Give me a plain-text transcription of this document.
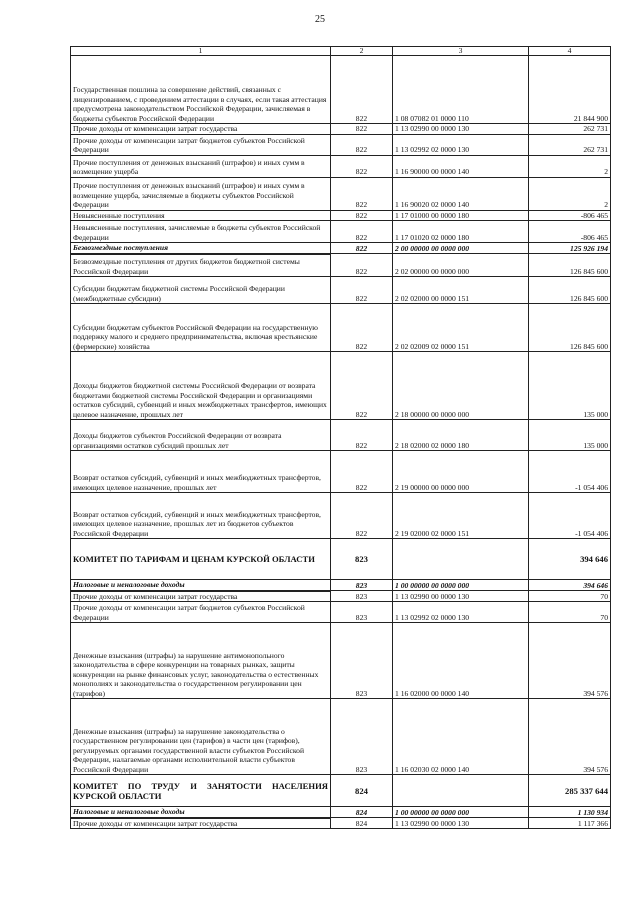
25
1	2	3	4
Государственная пошлина за совершение действий, связанных с лицензированием, с проведением аттестации в случаях, если такая аттестация предусмотрена законодательством Российской Федерации, зачисляемая в бюджеты субъектов Российской Федерации	822	1 08 07082 01 0000 110	21 844 900
Прочие доходы от компенсации затрат государства	822	1 13 02990 00 0000 130	262 731
Прочие доходы от компенсации затрат бюджетов субъектов Российской Федерации	822	1 13 02992 02 0000 130	262 731
Прочие поступления от денежных взысканий (штрафов) и иных сумм в возмещение ущерба	822	1 16 90000 00 0000 140	2
Прочие поступления от денежных взысканий (штрафов) и иных сумм в возмещение ущерба, зачисляемые в бюджеты субъектов Российской Федерации	822	1 16 90020 02 0000 140	2
Невыясненные поступления	822	1 17 01000 00 0000 180	-806 465
Невыясненные поступления, зачисляемые в бюджеты субъектов Российской Федерации	822	1 17 01020 02 0000 180	-806 465
Безвозмездные поступления	822	2 00 00000 00 0000 000	125 926 194
Безвозмездные поступления от других бюджетов бюджетной системы Российской Федерации	822	2 02 00000 00 0000 000	126 845 600
Субсидии бюджетам бюджетной системы Российской Федерации (межбюджетные субсидии)	822	2 02 02000 00 0000 151	126 845 600
Субсидии бюджетам субъектов Российской Федерации на государственную поддержку малого и среднего предпринимательства, включая крестьянские (фермерские) хозяйства	822	2 02 02009 02 0000 151	126 845 600
Доходы бюджетов бюджетной системы Российской Федерации от возврата бюджетами бюджетной системы Российской Федерации и организациями остатков субсидий, субвенций и иных межбюджетных трансфертов, имеющих целевое назначение, прошлых лет	822	2 18 00000 00 0000 000	135 000
Доходы бюджетов субъектов Российской Федерации от возврата организациями остатков субсидий прошлых лет	822	2 18 02000 02 0000 180	135 000
Возврат остатков субсидий, субвенций и иных межбюджетных трансфертов, имеющих целевое назначение, прошлых лет	822	2 19 00000 00 0000 000	-1 054 406
Возврат остатков субсидий, субвенций и иных межбюджетных трансфертов, имеющих целевое назначение, прошлых лет из бюджетов субъектов Российской Федерации	822	2 19 02000 02 0000 151	-1 054 406
КОМИТЕТ ПО ТАРИФАМ И ЦЕНАМ КУРСКОЙ ОБЛАСТИ	823		394 646
Налоговые и неналоговые доходы	823	1 00 00000 00 0000 000	394 646
Прочие доходы от компенсации затрат государства	823	1 13 02990 00 0000 130	70
Прочие доходы от компенсации затрат бюджетов субъектов Российской Федерации	823	1 13 02992 02 0000 130	70
Денежные взыскания (штрафы) за нарушение антимонопольного законодательства в сфере конкуренции на товарных рынках, защиты конкуренции на рынке финансовых услуг, законодательства о естественных монополиях и законодательства о государственном регулировании цен (тарифов)	823	1 16 02000 00 0000 140	394 576
Денежные взыскания (штрафы) за нарушение законодательства о государственном регулировании цен (тарифов) в части цен (тарифов), регулируемых органами государственной власти субъектов Российской Федерации, налагаемые органами исполнительной власти субъектов Российской Федерации	823	1 16 02030 02 0000 140	394 576
КОМИТЕТ ПО ТРУДУ И ЗАНЯТОСТИ НАСЕЛЕНИЯ КУРСКОЙ ОБЛАСТИ	824		285 337 644
Налоговые и неналоговые доходы	824	1 00 00000 00 0000 000	1 130 934
Прочие доходы от компенсации затрат государства	824	1 13 02990 00 0000 130	1 117 366
